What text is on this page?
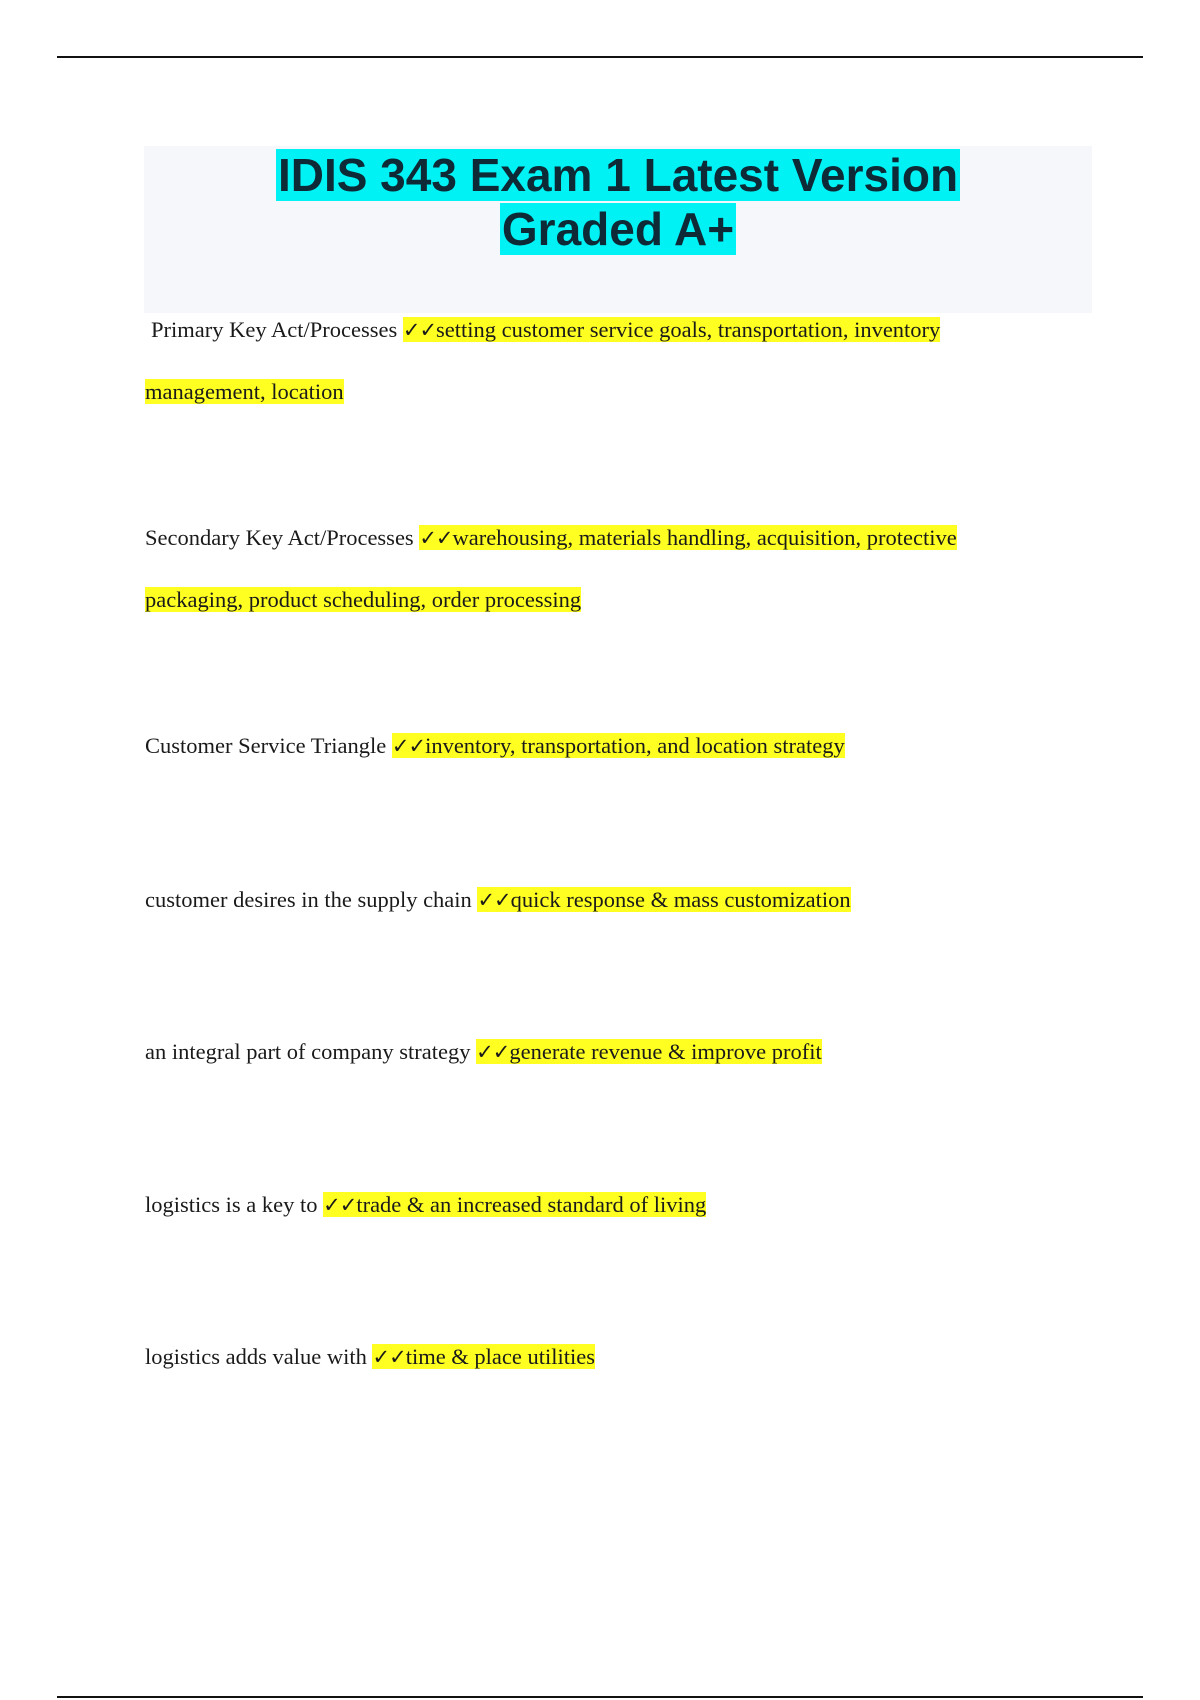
IDIS 343 Exam 1 Latest Version
Graded A+

Primary Key Act/Processes ✓✓setting customer service goals, transportation, inventory management, location

Secondary Key Act/Processes ✓✓warehousing, materials handling, acquisition, protective packaging, product scheduling, order processing

Customer Service Triangle ✓✓inventory, transportation, and location strategy

customer desires in the supply chain ✓✓quick response & mass customization

an integral part of company strategy ✓✓generate revenue & improve profit

logistics is a key to ✓✓trade & an increased standard of living

logistics adds value with ✓✓time & place utilities
